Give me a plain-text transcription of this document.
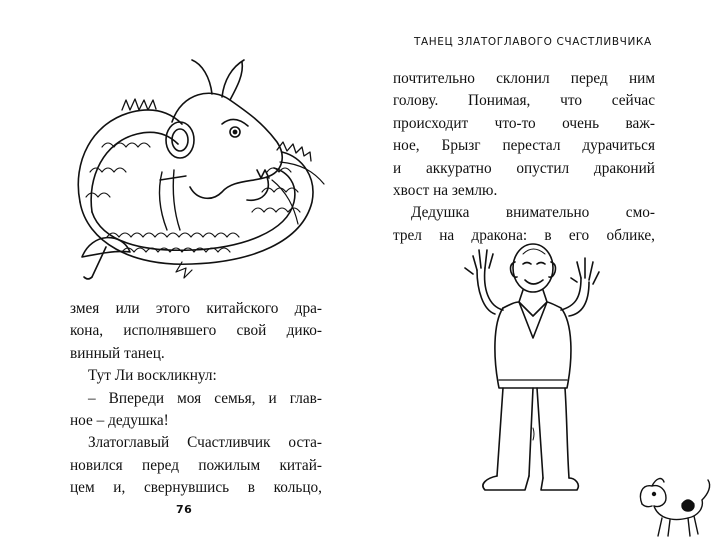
змея или этого китайского дра-
кона, исполнявшего свой дико-
винный танец.
Тут Ли воскликнул:
– Впереди моя семья, и глав-
ное – дедушка!
Златоглавый Счастливчик оста-
новился перед пожилым китай-
цем и, свернувшись в кольцо,
76
ТАНЕЦ ЗЛАТОГЛАВОГО СЧАСТЛИВЧИКА
почтительно склонил перед ним
голову. Понимая, что сейчас
происходит что-то очень важ-
ное, Брызг перестал дурачиться
и аккуратно опустил драконий
хвост на землю.
Дедушка внимательно смо-
трел на дракона: в его облике,
